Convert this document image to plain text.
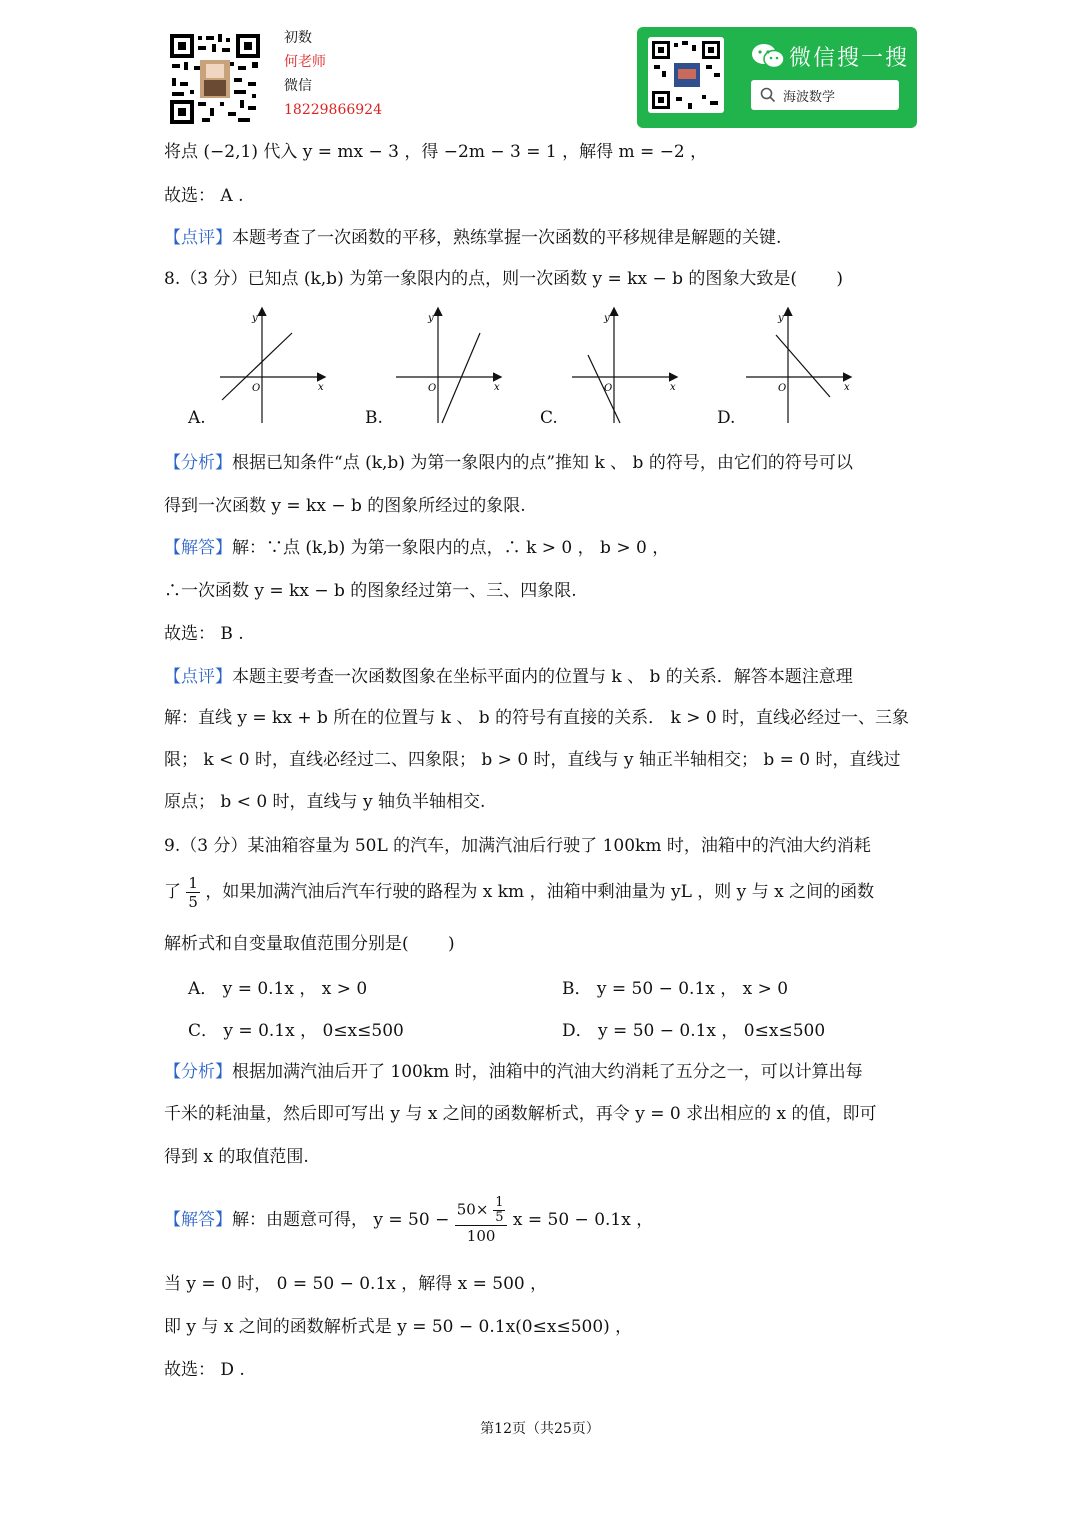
初数
何老师
微信
18229866924
微信搜一搜
海波数学
将点 (−2,1) 代入 y = mx − 3 ，得 −2m − 3 = 1 ，解得 m = −2 ，
故选： A .
【点评】本题考查了一次函数的平移，熟练掌握一次函数的平移规律是解题的关键.
8.（3 分）已知点 (k,b) 为第一象限内的点，则一次函数 y = kx − b 的图象大致是(　　 )
x
y
O	x
y
O	x
y
O	x
y
O
A.	B.	C.	D.
【分析】根据已知条件“点 (k,b) 为第一象限内的点”推知 k 、 b 的符号，由它们的符号可以
得到一次函数 y = kx − b 的图象所经过的象限.
【解答】解：∵点 (k,b) 为第一象限内的点，∴ k > 0 ， b > 0 ，
∴一次函数 y = kx − b 的图象经过第一、三、四象限.
故选： B .
【点评】本题主要考查一次函数图象在坐标平面内的位置与 k 、 b 的关系．解答本题注意理
解：直线 y = kx + b 所在的位置与 k 、 b 的符号有直接的关系． k > 0 时，直线必经过一、三象
限； k < 0 时，直线必经过二、四象限； b > 0 时，直线与 y 轴正半轴相交； b = 0 时，直线过
原点； b < 0 时，直线与 y 轴负半轴相交.
9.（3 分）某油箱容量为 50L 的汽车，加满汽油后行驶了 100km 时，油箱中的汽油大约消耗
了 $\frac{1}{5}$ ，如果加满汽油后汽车行驶的路程为 x km ，油箱中剩油量为 yL ，则 y 与 x 之间的函数
解析式和自变量取值范围分别是(　　 )
A． y = 0.1x ， x > 0	B． y = 50 − 0.1x ， x > 0
C． y = 0.1x ， 0≤x≤500	D． y = 50 − 0.1x ， 0≤x≤500
【分析】根据加满汽油后开了 100km 时，油箱中的汽油大约消耗了五分之一，可以计算出每
千米的耗油量，然后即可写出 y 与 x 之间的函数解析式，再令 y = 0 求出相应的 x 的值，即可
得到 x 的取值范围.
【解答】解：由题意可得， $y = 50 - \frac{50\times \frac{1}{5}}{100}$ x = 50 − 0.1x ，
当 y = 0 时， 0 = 50 − 0.1x ，解得 x = 500 ，
即 y 与 x 之间的函数解析式是 y = 50 − 0.1x(0≤x≤500) ，
故选： D .
第12页（共25页）
